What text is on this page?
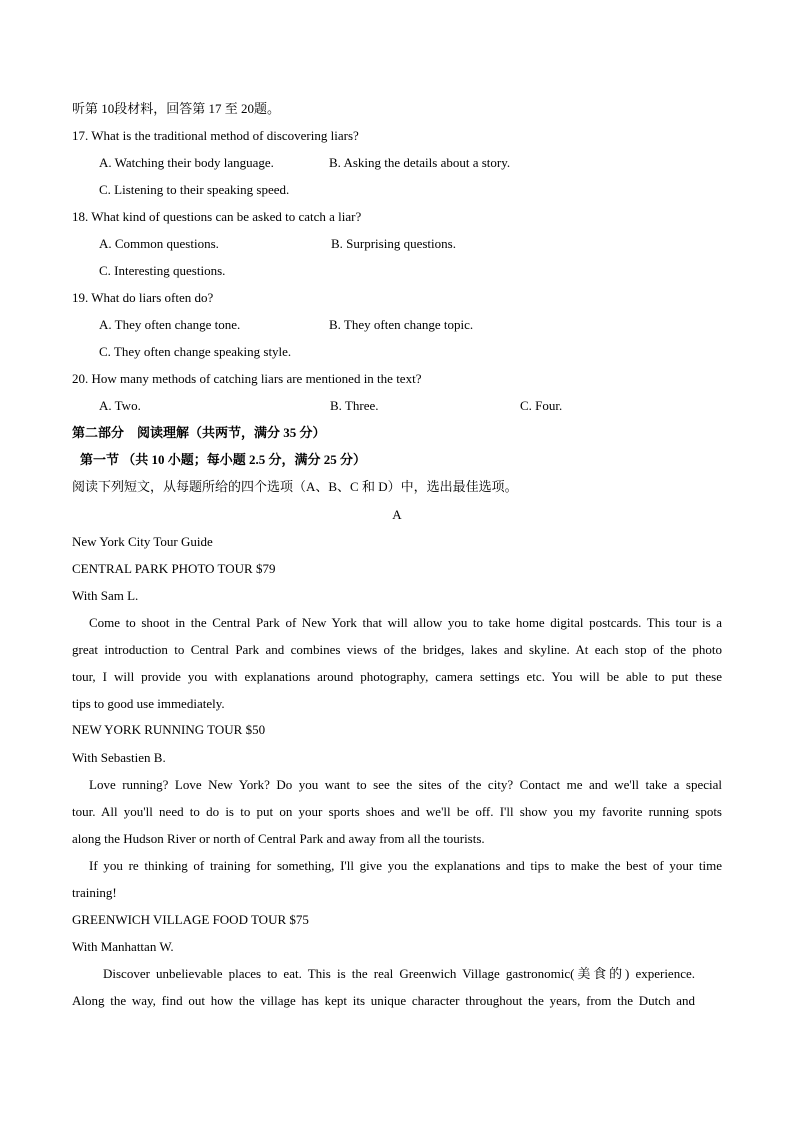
听第 10段材料，回答第 17 至 20题。
17. What is the traditional method of discovering liars?
A. Watching their body language.	B. Asking the details about a story.
C. Listening to their speaking speed.
18. What kind of questions can be asked to catch a liar?
A. Common questions.	B. Surprising questions.
C. Interesting questions.
19. What do liars often do?
A. They often change tone.	B. They often change topic.
C. They often change speaking style.
20. How many methods of catching liars are mentioned in the text?
A. Two.	B. Three.	C. Four.
第二部分　阅读理解（共两节，满分 35 分）
第一节 （共 10 小题；每小题 2.5 分，满分 25 分）
阅读下列短文，从每题所给的四个选项（A、B、C 和 D）中，选出最佳选项。
A
New York City Tour Guide
CENTRAL PARK PHOTO TOUR $79
With Sam L.
Come to shoot in the Central Park of New York that will allow you to take home digital postcards. This tour is a
great introduction to Central Park and combines views of the bridges, lakes and skyline. At each stop of the photo
tour, I will provide you with explanations around photography, camera settings etc. You will be able to put these
tips to good use immediately.
NEW YORK RUNNING TOUR $50
With Sebastien B.
Love running? Love New York? Do you want to see the sites of the city? Contact me and we'll take a special
tour. All you'll need to do is to put on your sports shoes and we'll be off. I'll show you my favorite running spots
along the Hudson River or north of Central Park and away from all the tourists.
If you re thinking of training for something, I'll give you the explanations and tips to make the best of your time
training!
GREENWICH VILLAGE FOOD TOUR $75
With Manhattan W.
Discover unbelievable places to eat. This is the real Greenwich Village gastronomic(美食的) experience.
Along the way, find out how the village has kept its unique character throughout the years, from the Dutch and
